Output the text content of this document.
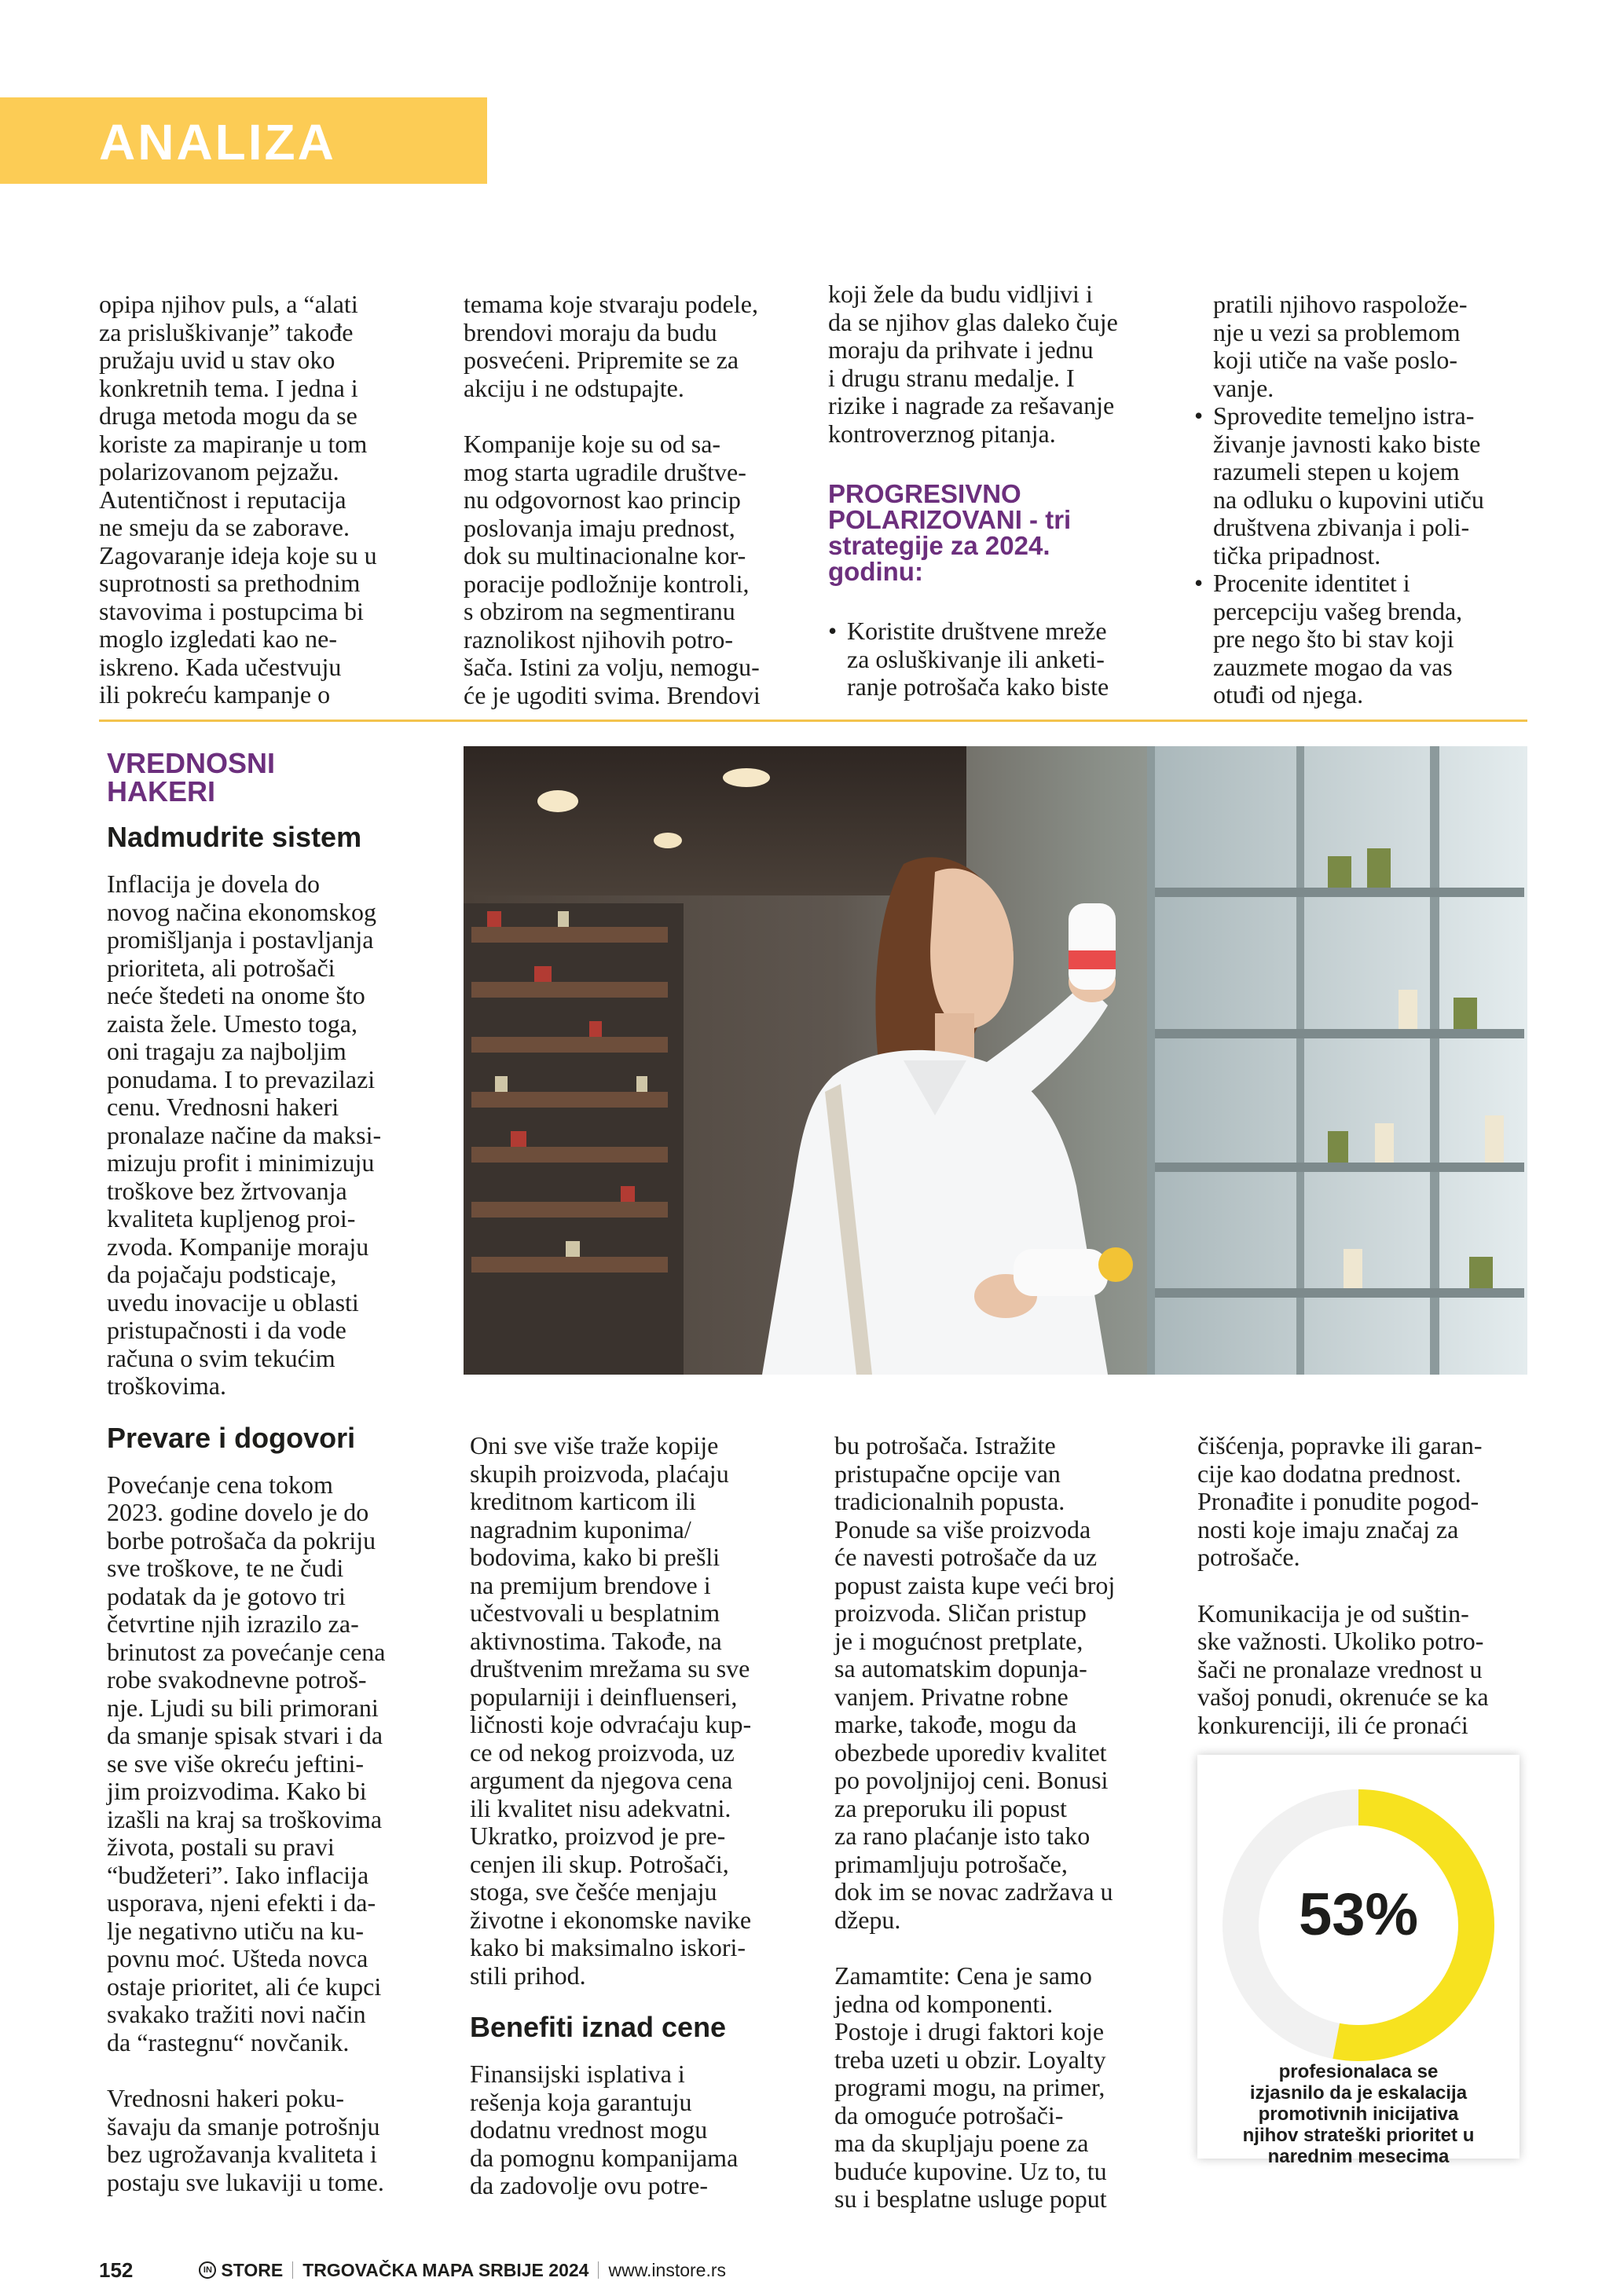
ANALIZA

opipa njihov puls, a “alati
za prisluškivanje” takođe
pružaju uvid u stav oko
konkretnih tema. I jedna i
druga metoda mogu da se
koriste za mapiranje u tom
polarizovanom pejzažu.
Autentičnost i reputacija
ne smeju da se zaborave.
Zagovaranje ideja koje su u
suprotnosti sa prethodnim
stavovima i postupcima bi
moglo izgledati kao ne-
iskreno. Kada učestvuju
ili pokreću kampanje o

temama koje stvaraju podele,
brendovi moraju da budu
posvećeni. Pripremite se za
akciju i ne odstupajte.

Kompanije koje su od sa-
mog starta ugradile društve-
nu odgovornost kao princip
poslovanja imaju prednost,
dok su multinacionalne kor-
poracije podložnije kontroli,
s obzirom na segmentiranu
raznolikost njihovih potro-
šača. Istini za volju, nemogu-
će je ugoditi svima. Brendovi

koji žele da budu vidljivi i
da se njihov glas daleko čuje
moraju da prihvate i jednu
i drugu stranu medalje. I
rizike i nagrade za rešavanje
kontroverznog pitanja.

PROGRESIVNO
POLARIZOVANI - tri
strategije za 2024.
godinu:
• Koristite društvene mreže
za osluškivanje ili anketi-
ranje potrošača kako biste

pratili njihovo raspolože-
nje u vezi sa problemom
koji utiče na vaše poslo-
vanje.

• Sprovedite temeljno istra-
živanje javnosti kako biste
razumeli stepen u kojem
na odluku o kupovini utiču
društvena zbivanja i poli-
tička pripadnost.
• Procenite identitet i
percepciju vašeg brenda,
pre nego što bi stav koji
zauzmete mogao da vas
otuđi od njega.
VREDNOSNI
HAKERI
Nadmudrite sistem

Inflacija je dovela do
novog načina ekonomskog
promišljanja i postavljanja
prioriteta, ali potrošači
neće štedeti na onome što
zaista žele. Umesto toga,
oni tragaju za najboljim
ponudama. I to prevazilazi
cenu. Vrednosni hakeri
pronalaze načine da maksi-
mizuju profit i minimizuju
troškove bez žrtvovanja
kvaliteta kupljenog proi-
zvoda. Kompanije moraju
da pojačaju podsticaje,
uvedu inovacije u oblasti
pristupačnosti i da vode
računa o svim tekućim
troškovima.

Prevare i dogovori

Povećanje cena tokom
2023. godine dovelo je do
borbe potrošača da pokriju
sve troškove, te ne čudi
podatak da je gotovo tri
četvrtine njih izrazilo za-
brinutost za povećanje cena
robe svakodnevne potroš-
nje. Ljudi su bili primorani
da smanje spisak stvari i da
se sve više okreću jeftini-
jim proizvodima. Kako bi
izašli na kraj sa troškovima
života, postali su pravi
“budžeteri”. Iako inflacija
usporava, njeni efekti i da-
lje negativno utiču na ku-
povnu moć. Ušteda novca
ostaje prioritet, ali će kupci
svakako tražiti novi način
da “rastegnu“ novčanik.

Vrednosni hakeri poku-
šavaju da smanje potrošnju
bez ugrožavanja kvaliteta i
postaju sve lukaviji u tome.

Oni sve više traže kopije
skupih proizvoda, plaćaju
kreditnom karticom ili
nagradnim kuponima/
bodovima, kako bi prešli
na premijum brendove i
učestvovali u besplatnim
aktivnostima. Takođe, na
društvenim mrežama su sve
popularniji i deinfluenseri,
ličnosti koje odvraćaju kup-
ce od nekog proizvoda, uz
argument da njegova cena
ili kvalitet nisu adekvatni.
Ukratko, proizvod je pre-
cenjen ili skup. Potrošači,
stoga, sve češće menjaju
životne i ekonomske navike
kako bi maksimalno iskori-
stili prihod.

Benefiti iznad cene

Finansijski isplativa i
rešenja koja garantuju
dodatnu vrednost mogu
da pomognu kompanijama
da zadovolje ovu potre-

bu potrošača. Istražite
pristupačne opcije van
tradicionalnih popusta.
Ponude sa više proizvoda
će navesti potrošače da uz
popust zaista kupe veći broj
proizvoda. Sličan pristup
je i mogućnost pretplate,
sa automatskim dopunja-
vanjem. Privatne robne
marke, takođe, mogu da
obezbede uporediv kvalitet
po povoljnijoj ceni. Bonusi
za preporuku ili popust
za rano plaćanje isto tako
primamljuju potrošače,
dok im se novac zadržava u
džepu.

Zamamtite: Cena je samo
jedna od komponenti.
Postoje i drugi faktori koje
treba uzeti u obzir. Loyalty
programi mogu, na primer,
da omoguće potrošači-
ma da skupljaju poene za
buduće kupovine. Uz to, tu
su i besplatne usluge poput

čišćenja, popravke ili garan-
cije kao dodatna prednost.
Pronađite i ponudite pogod-
nosti koje imaju značaj za
potrošače.

Komunikacija je od suštin-
ske važnosti. Ukoliko potro-
šači ne pronalaze vrednost u
vašoj ponudi, okrenuće se ka
konkurenciji, ili će pronaći

53%
profesionalaca se
izjasnilo da je eskalacija
promotivnih inicijativa
njihov strateški prioritet u
narednim mesecima
152	IN STORE TRGOVAČKA MAPA SRBIJE 2024 www.instore.rs
